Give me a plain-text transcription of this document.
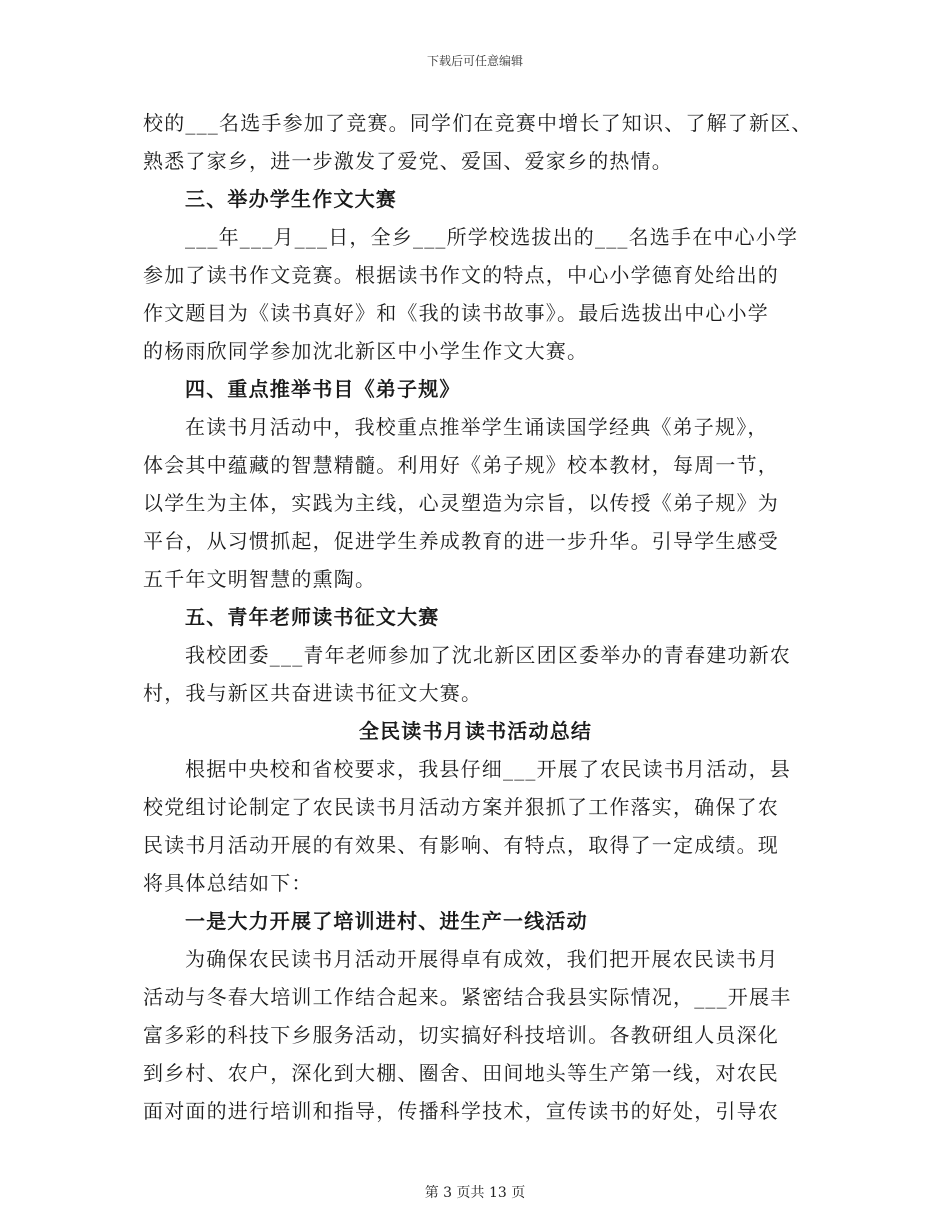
下载后可任意编辑
校的___名选手参加了竞赛。同学们在竞赛中增长了知识、了解了新区、
熟悉了家乡，进一步激发了爱党、爱国、爱家乡的热情。
三、举办学生作文大赛
___年___月___日，全乡___所学校选拔出的___名选手在中心小学
参加了读书作文竞赛。根据读书作文的特点，中心小学德育处给出的
作文题目为《读书真好》和《我的读书故事》。最后选拔出中心小学
的杨雨欣同学参加沈北新区中小学生作文大赛。
四、重点推举书目《弟子规》
在读书月活动中，我校重点推举学生诵读国学经典《弟子规》，
体会其中蕴藏的智慧精髓。利用好《弟子规》校本教材，每周一节，
以学生为主体，实践为主线，心灵塑造为宗旨，以传授《弟子规》为
平台，从习惯抓起，促进学生养成教育的进一步升华。引导学生感受
五千年文明智慧的熏陶。
五、青年老师读书征文大赛
我校团委___青年老师参加了沈北新区团区委举办的青春建功新农
村，我与新区共奋进读书征文大赛。
全民读书月读书活动总结
根据中央校和省校要求，我县仔细___开展了农民读书月活动，县
校党组讨论制定了农民读书月活动方案并狠抓了工作落实，确保了农
民读书月活动开展的有效果、有影响、有特点，取得了一定成绩。现
将具体总结如下：
一是大力开展了培训进村、进生产一线活动
为确保农民读书月活动开展得卓有成效，我们把开展农民读书月
活动与冬春大培训工作结合起来。紧密结合我县实际情况，___开展丰
富多彩的科技下乡服务活动，切实搞好科技培训。各教研组人员深化
到乡村、农户，深化到大棚、圈舍、田间地头等生产第一线，对农民
面对面的进行培训和指导，传播科学技术，宣传读书的好处，引导农
第 3 页共 13 页
